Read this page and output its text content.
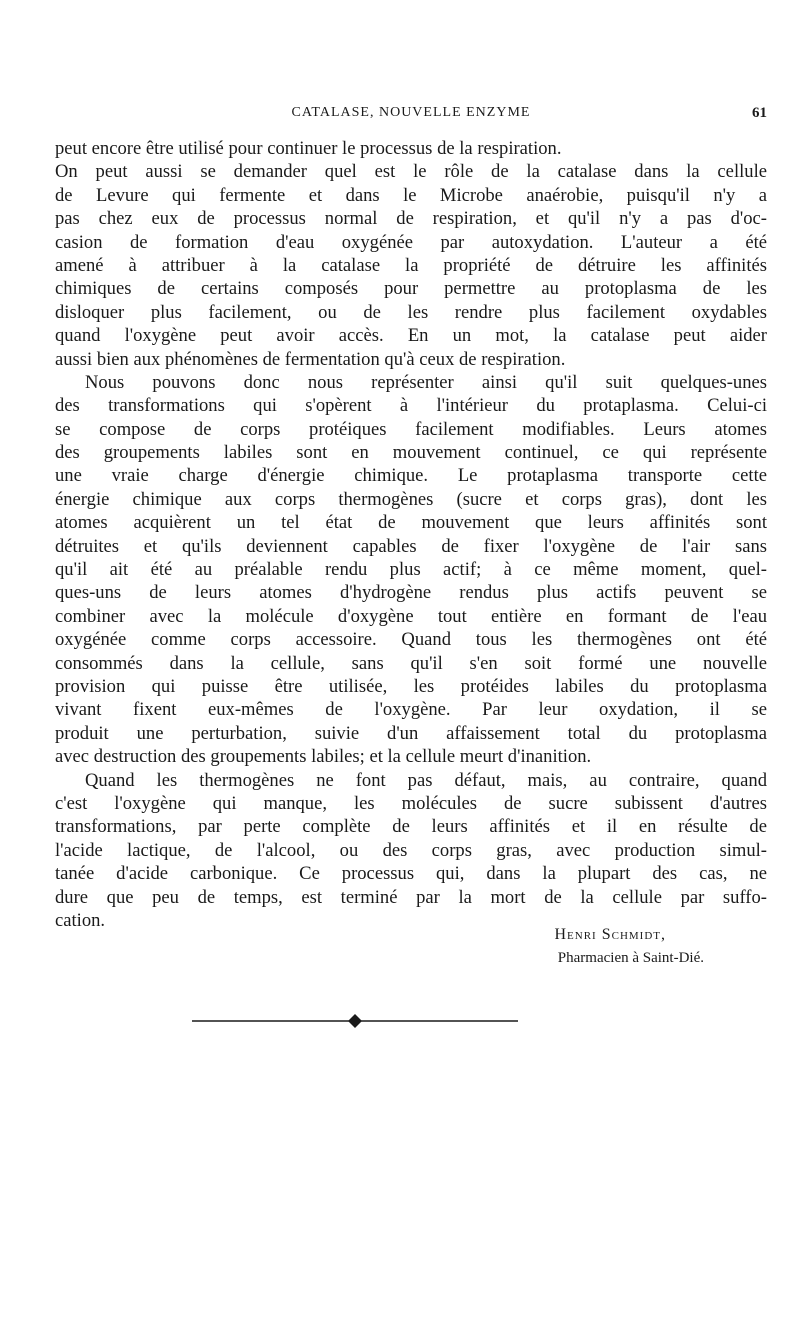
CATALASE, NOUVELLE ENZYME	61
peut encore être utilisé pour continuer le processus de la respiration.
On peut aussi se demander quel est le rôle de la catalase dans la cellule
de Levure qui fermente et dans le Microbe anaérobie, puisqu'il n'y a
pas chez eux de processus normal de respiration, et qu'il n'y a pas d'oc-
casion de formation d'eau oxygénée par autoxydation. L'auteur a été
amené à attribuer à la catalase la propriété de détruire les affinités
chimiques de certains composés pour permettre au protoplasma de les
disloquer plus facilement, ou de les rendre plus facilement oxydables
quand l'oxygène peut avoir accès. En un mot, la catalase peut aider
aussi bien aux phénomènes de fermentation qu'à ceux de respiration.
Nous pouvons donc nous représenter ainsi qu'il suit quelques-unes
des transformations qui s'opèrent à l'intérieur du protaplasma. Celui-ci
se compose de corps protéiques facilement modifiables. Leurs atomes
des groupements labiles sont en mouvement continuel, ce qui représente
une vraie charge d'énergie chimique. Le protaplasma transporte cette
énergie chimique aux corps thermogènes (sucre et corps gras), dont les
atomes acquièrent un tel état de mouvement que leurs affinités sont
détruites et qu'ils deviennent capables de fixer l'oxygène de l'air sans
qu'il ait été au préalable rendu plus actif; à ce même moment, quel-
ques-uns de leurs atomes d'hydrogène rendus plus actifs peuvent se
combiner avec la molécule d'oxygène tout entière en formant de l'eau
oxygénée comme corps accessoire. Quand tous les thermogènes ont été
consommés dans la cellule, sans qu'il s'en soit formé une nouvelle
provision qui puisse être utilisée, les protéides labiles du protoplasma
vivant fixent eux-mêmes de l'oxygène. Par leur oxydation, il se
produit une perturbation, suivie d'un affaissement total du protoplasma
avec destruction des groupements labiles; et la cellule meurt d'inanition.
Quand les thermogènes ne font pas défaut, mais, au contraire, quand
c'est l'oxygène qui manque, les molécules de sucre subissent d'autres
transformations, par perte complète de leurs affinités et il en résulte de
l'acide lactique, de l'alcool, ou des corps gras, avec production simul-
tanée d'acide carbonique. Ce processus qui, dans la plupart des cas, ne
dure que peu de temps, est terminé par la mort de la cellule par suffo-
cation.
Henri Schmidt,
Pharmacien à Saint-Dié.
